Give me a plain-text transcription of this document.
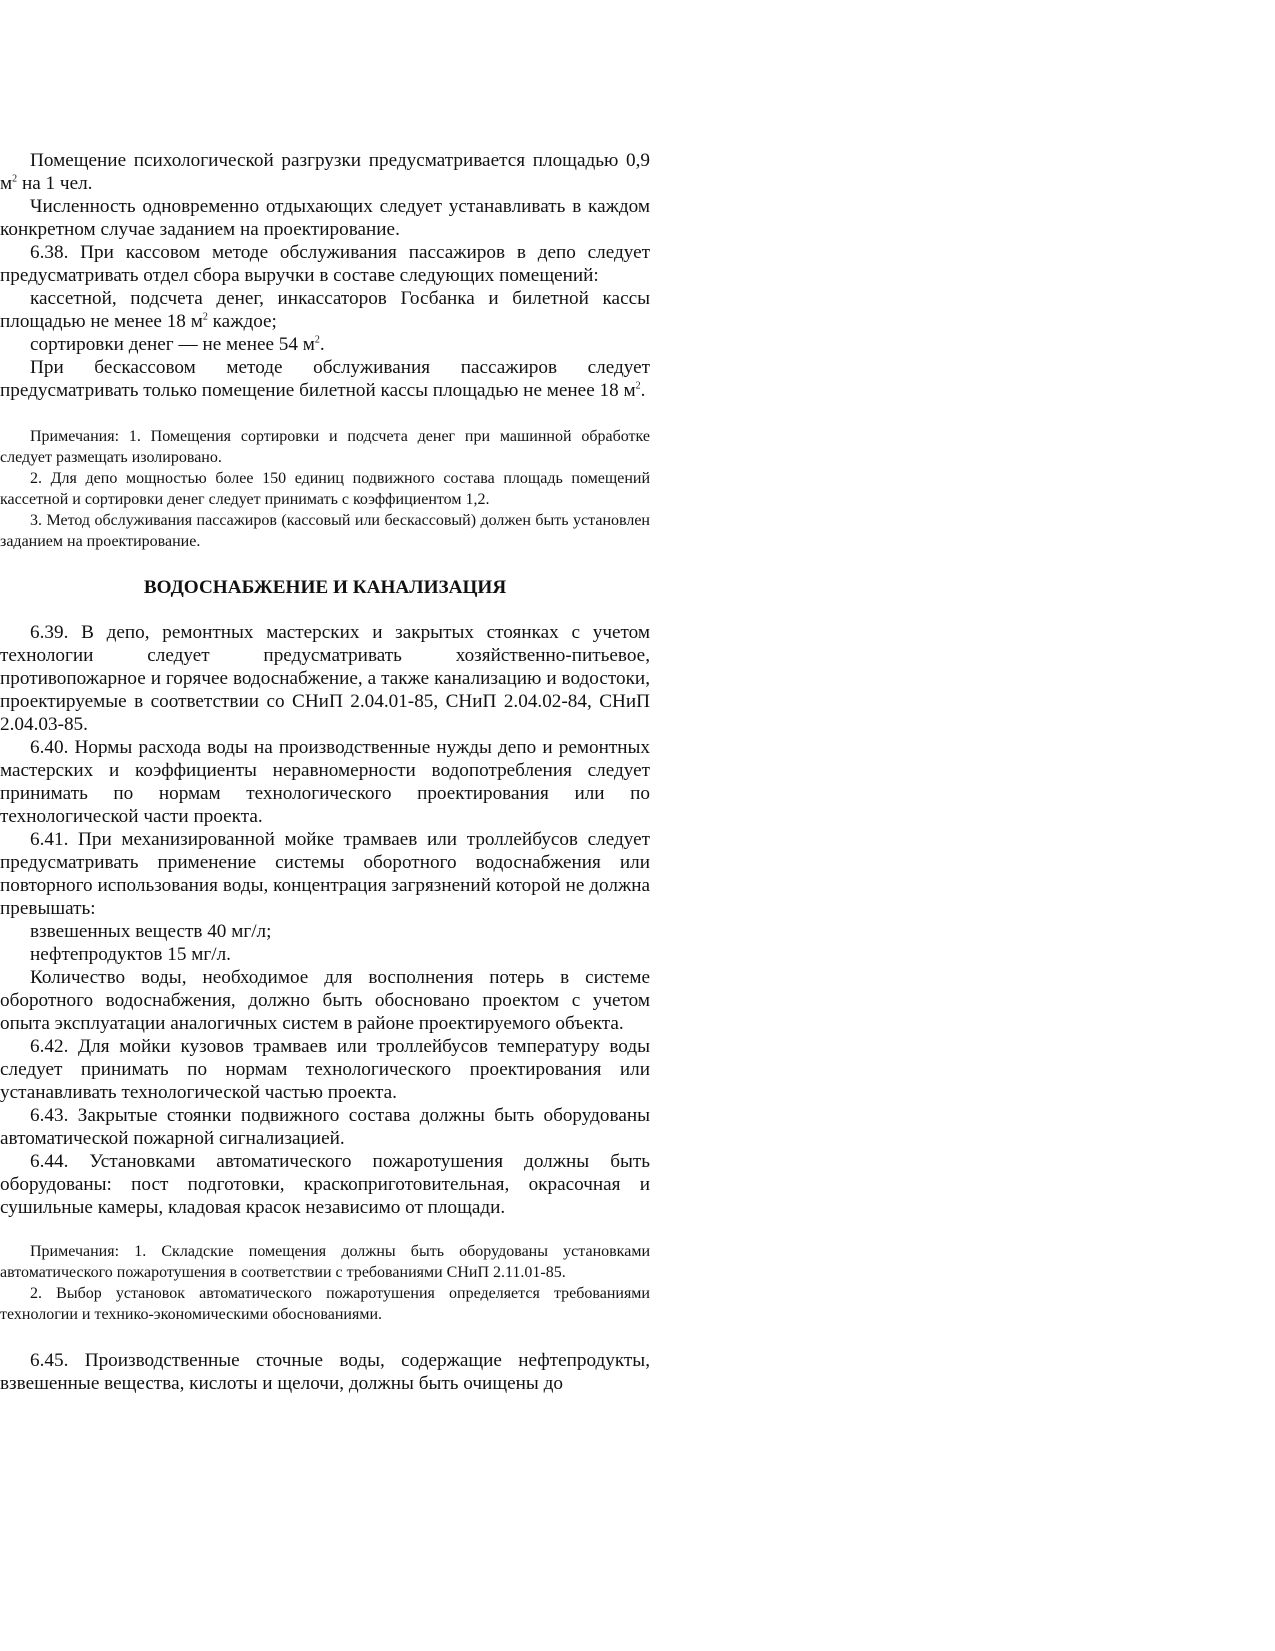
Помещение психологической разгрузки предусматривается площадью 0,9 $м^2$ на 1 чел.

Численность одновременно отдыхающих следует устанавливать в каждом конкретном случае заданием на проектирование.

6.38. При кассовом методе обслуживания пассажиров в депо следует предусматривать отдел сбора выручки в составе следующих помещений:

кассетной, подсчета денег, инкассаторов Госбанка и билетной кассы площадью не менее 18 $м^2$ каждое;

сортировки денег — не менее 54 $м^2$.

При бескассовом методе обслуживания пассажиров следует предусматривать только помещение билетной кассы площадью не менее 18 $м^2$.

Примечания: 1. Помещения сортировки и подсчета денег при машинной обработке следует размещать изолировано.

2. Для депо мощностью более 150 единиц подвижного состава площадь помещений кассетной и сортировки денег следует принимать с коэффициентом 1,2.

3. Метод обслуживания пассажиров (кассовый или бескассовый) должен быть установлен заданием на проектирование.

ВОДОСНАБЖЕНИЕ И КАНАЛИЗАЦИЯ

6.39. В депо, ремонтных мастерских и закрытых стоянках с учетом технологии следует предусматривать хозяйственно-питьевое, противопожарное и горячее водоснабжение, а также канализацию и водостоки, проектируемые в соответствии со СНиП 2.04.01-85, СНиП 2.04.02-84, СНиП 2.04.03-85.

6.40. Нормы расхода воды на производственные нужды депо и ремонтных мастерских и коэффициенты неравномерности водопотребления следует принимать по нормам технологического проектирования или по технологической части проекта.

6.41. При механизированной мойке трамваев или троллейбусов следует предусматривать применение системы оборотного водоснабжения или повторного использования воды, концентрация загрязнений которой не должна превышать:

взвешенных веществ 40 мг/л;

нефтепродуктов 15 мг/л.

Количество воды, необходимое для восполнения потерь в системе оборотного водоснабжения, должно быть обосновано проектом с учетом опыта эксплуатации аналогичных систем в районе проектируемого объекта.

6.42. Для мойки кузовов трамваев или троллейбусов температуру воды следует принимать по нормам технологического проектирования или устанавливать технологической частью проекта.

6.43. Закрытые стоянки подвижного состава должны быть оборудованы автоматической пожарной сигнализацией.

6.44. Установками автоматического пожаротушения должны быть оборудованы: пост подготовки, краскоприготовительная, окрасочная и сушильные камеры, кладовая красок независимо от площади.

Примечания: 1. Складские помещения должны быть оборудованы установками автоматического пожаротушения в соответствии с требованиями СНиП 2.11.01-85.

2. Выбор установок автоматического пожаротушения определяется требованиями технологии и технико-экономическими обоснованиями.

6.45. Производственные сточные воды, содержащие нефтепродукты, взвешенные вещества, кислоты и щелочи, должны быть очищены до
